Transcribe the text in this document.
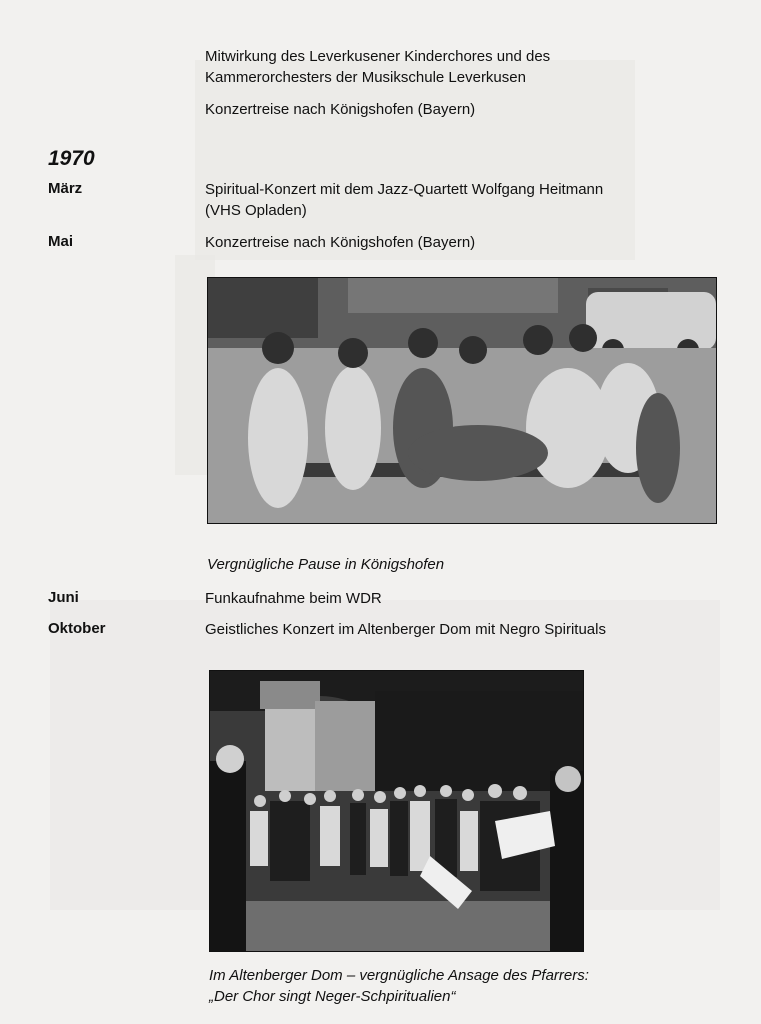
Mitwirkung des Leverkusener Kinderchores und des
Kammerorchesters der Musikschule Leverkusen
Konzertreise nach Königshofen (Bayern)
1970
März	Spiritual-Konzert mit dem Jazz-Quartett Wolfgang Heitmann
(VHS Opladen)
Mai	Konzertreise nach Königshofen (Bayern)
Vergnügliche Pause in Königshofen
Juni	Funkaufnahme beim WDR
Oktober	Geistliches Konzert im Altenberger Dom mit Negro Spirituals
Im Altenberger Dom – vergnügliche Ansage des Pfarrers:
„Der Chor singt Neger-Schpiritualien“
